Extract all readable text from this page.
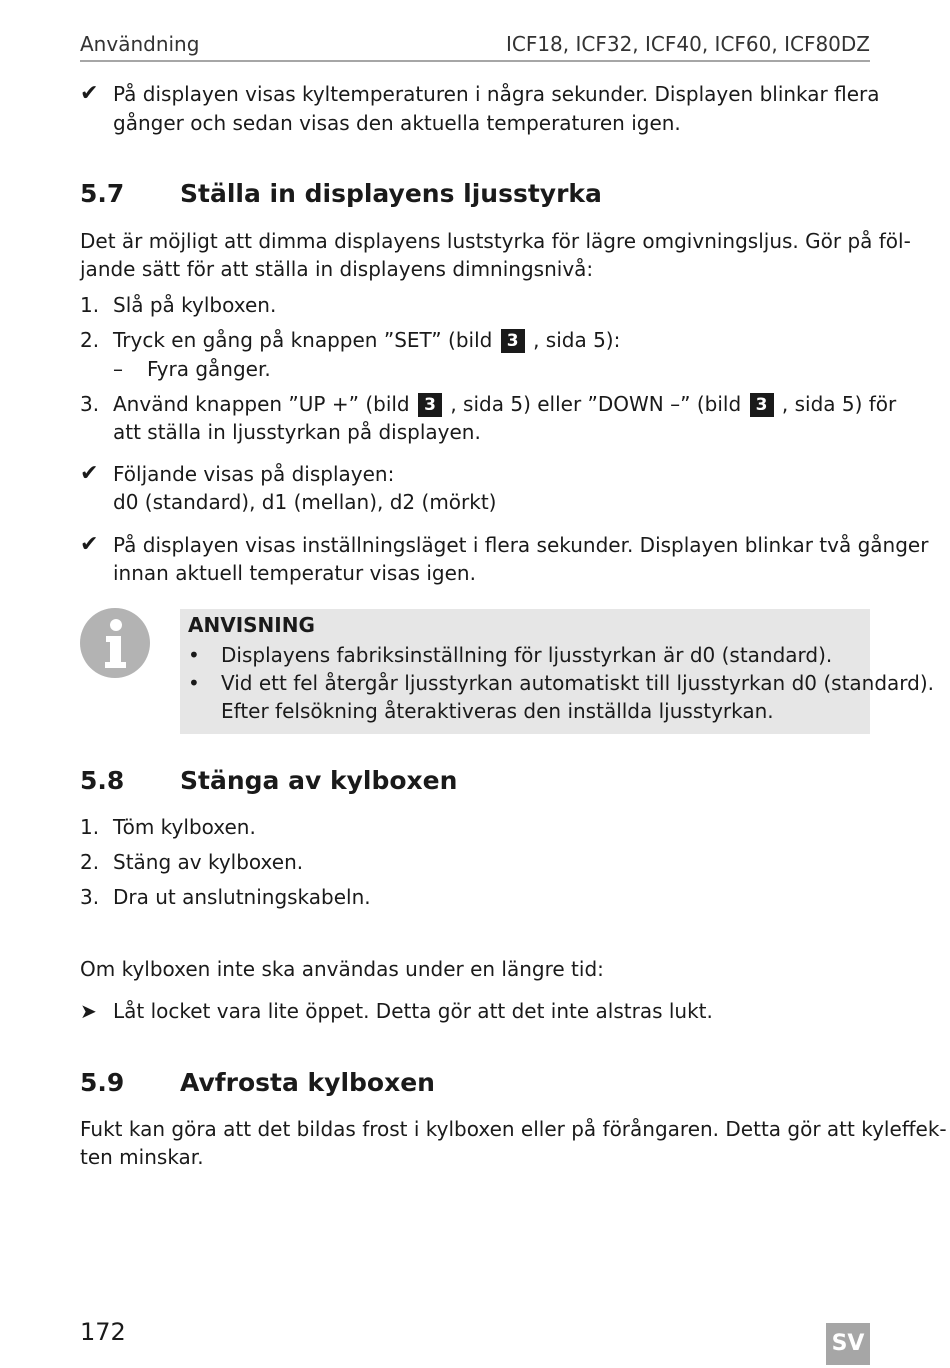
Användning	ICF18, ICF32, ICF40, ICF60, ICF80DZ
✔ På displayen visas kyltemperaturen i några sekunder. Displayen blinkar flera
gånger och sedan visas den aktuella temperaturen igen.
5.7 Ställa in displayens ljusstyrka
Det är möjligt att dimma displayens luststyrka för lägre omgivningsljus. Gör på föl-
jande sätt för att ställa in displayens dimningsnivå:
1. Slå på kylboxen.
2. Tryck en gång på knappen ”SET” (bild 3 , sida 5):
– Fyra gånger.
3. Använd knappen ”UP +” (bild 3 , sida 5) eller ”DOWN –” (bild 3 , sida 5) för
att ställa in ljusstyrkan på displayen.
✔ Följande visas på displayen:
d0 (standard), d1 (mellan), d2 (mörkt)
✔ På displayen visas inställningsläget i flera sekunder. Displayen blinkar två gånger
innan aktuell temperatur visas igen.
ANVISNING
• Displayens fabriksinställning för ljusstyrkan är d0 (standard).
• Vid ett fel återgår ljusstyrkan automatiskt till ljusstyrkan d0 (standard).
Efter felsökning återaktiveras den inställda ljusstyrkan.
5.8 Stänga av kylboxen
1. Töm kylboxen.
2. Stäng av kylboxen.
3. Dra ut anslutningskabeln.
Om kylboxen inte ska användas under en längre tid:
➤ Låt locket vara lite öppet. Detta gör att det inte alstras lukt.
5.9 Avfrosta kylboxen
Fukt kan göra att det bildas frost i kylboxen eller på förångaren. Detta gör att kyleffek-
ten minskar.
172	SV
